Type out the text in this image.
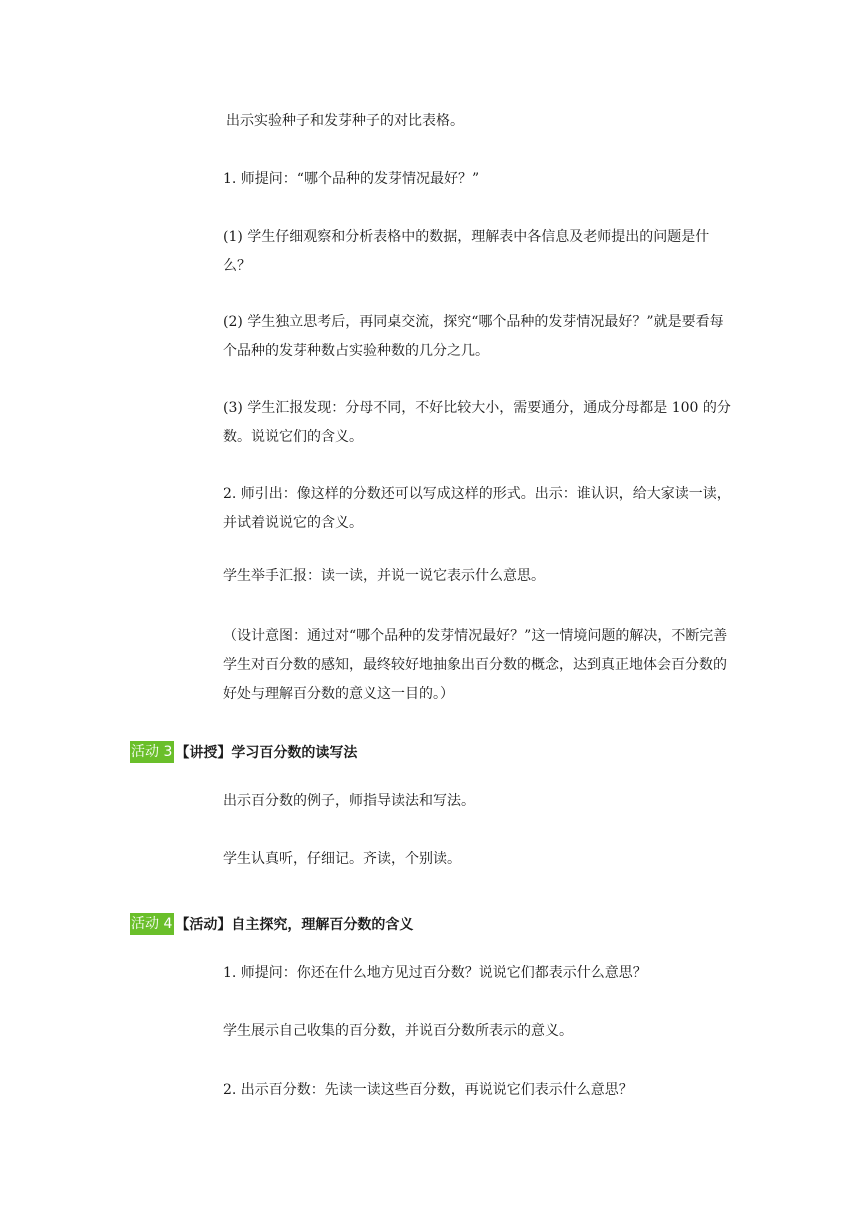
出示实验种子和发芽种子的对比表格。

1. 师提问：“哪个品种的发芽情况最好？”

(1) 学生仔细观察和分析表格中的数据，理解表中各信息及老师提出的问题是什么？

(2) 学生独立思考后，再同桌交流，探究“哪个品种的发芽情况最好？”就是要看每个品种的发芽种数占实验种数的几分之几。

(3) 学生汇报发现：分母不同，不好比较大小，需要通分，通成分母都是 100 的分数。说说它们的含义。

2. 师引出：像这样的分数还可以写成这样的形式。出示：谁认识，给大家读一读，并试着说说它的含义。

学生举手汇报：读一读，并说一说它表示什么意思。

（设计意图：通过对“哪个品种的发芽情况最好？”这一情境问题的解决，不断完善学生对百分数的感知，最终较好地抽象出百分数的概念，达到真正地体会百分数的好处与理解百分数的意义这一目的。）

活动 3 【讲授】学习百分数的读写法

出示百分数的例子，师指导读法和写法。

学生认真听，仔细记。齐读，个别读。

活动 4 【活动】自主探究，理解百分数的含义

1. 师提问：你还在什么地方见过百分数？说说它们都表示什么意思？

学生展示自己收集的百分数，并说百分数所表示的意义。

2. 出示百分数：先读一读这些百分数，再说说它们表示什么意思？
